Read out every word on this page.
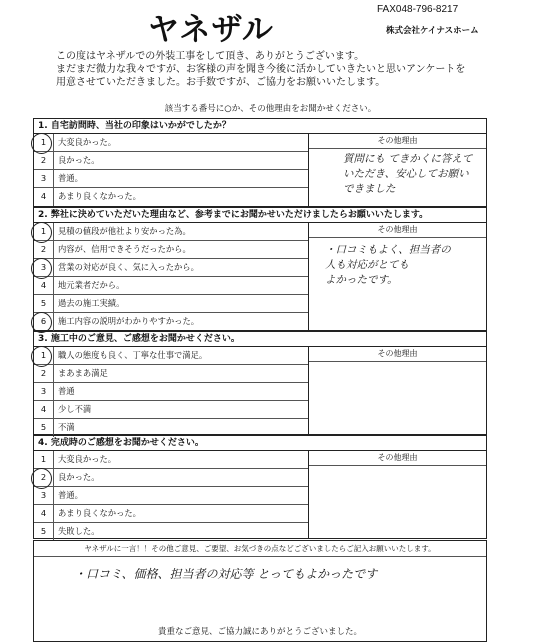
FAX048-796-8217
ヤネザル	株式会社ケイナスホーム
この度はヤネザルでの外装工事をして頂き、ありがとうございます。
まだまだ微力な我々ですが、お客様の声を聞き今後に活かしていきたいと思いアンケートを
用意させていただきました。お手数ですが、ご協力をお願いいたします。
該当する番号に○か、その他理由をお聞かせください。
1. 自宅訪問時、当社の印象はいかがでしたか？
1	大変良かった。
2	良かった。
3	普通。
4	あまり良くなかった。
その他理由
質問にも てきかくに答えて
いただき、安心してお願い
できました
2. 弊社に決めていただいた理由など、参考までにお聞かせいただけましたらお願いいたします。
1	見積の値段が他社より安かった為。
2	内容が、信用できそうだったから。
3	営業の対応が良く、気に入ったから。
4	地元業者だから。
5	過去の施工実績。
6	施工内容の説明がわかりやすかった。
その他理由
・口コミもよく、担当者の
人も対応がとても
よかったです。
3. 施工中のご意見、ご感想をお聞かせください。
1	職人の態度も良く、丁寧な仕事で満足。
2	まあまあ満足
3	普通
4	少し不満
5	不満
その他理由
4. 完成時のご感想をお聞かせください。
1	大変良かった。
2	良かった。
3	普通。
4	あまり良くなかった。
5	失敗した。
その他理由
ヤネザルに一言！！その他ご意見、ご要望、お気づきの点などございましたらご記入お願いいたします。
・口コミ、価格、担当者の対応等 とってもよかったです
貴重なご意見、ご協力誠にありがとうございました。
